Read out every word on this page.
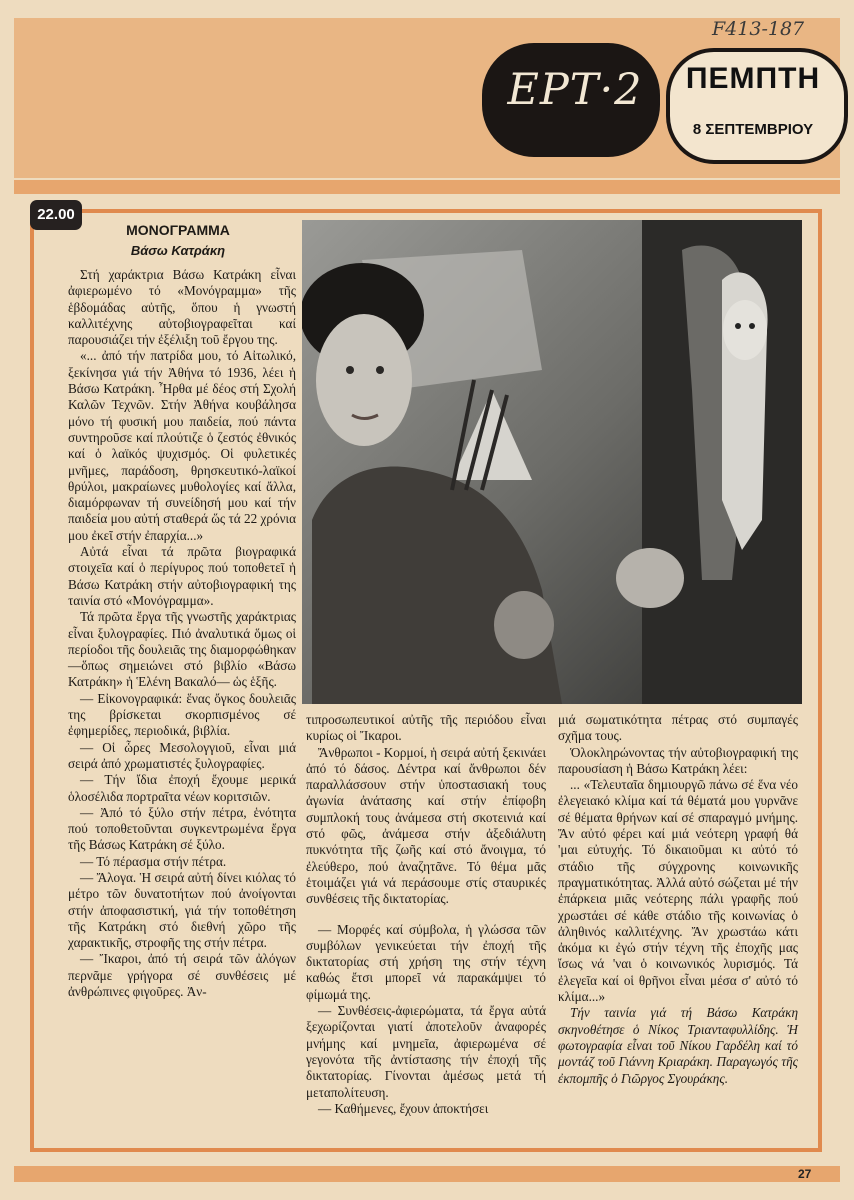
F413-187
ΕΡΤ·2	ΠΕΜΠΤΗ
8 ΣΕΠΤΕΜΒΡΙΟΥ
22.00
ΜΟΝΟΓΡΑΜΜΑ
Βάσω Κατράκη

Στή χαράκτρια Βάσω Κατράκη εἶναι ἀφιερωμένο τό «Μονόγραμμα» τῆς ἑβδομάδας αὐτῆς, ὅπου ἡ γνωστή καλλιτέχνης αὐτοβιογραφεῖται καί παρουσιάζει τήν ἐξέλιξη τοῦ ἔργου της.

«... ἀπό τήν πατρίδα μου, τό Αἰτωλικό, ξεκίνησα γιά τήν Ἀθήνα τό 1936, λέει ἡ Βάσω Κατράκη. Ἦρθα μέ δέος στή Σχολή Καλῶν Τεχνῶν. Στήν Ἀθήνα κουβάλησα μόνο τή φυσική μου παιδεία, πού πάντα συντηροῦσε καί πλούτιζε ὁ ζεστός ἐθνικός καί ὁ λαϊκός ψυχισμός. Οἱ φυλετικές μνῆμες, παράδοση, θρησκευτικό-λαϊκοί θρύλοι, μακραίωνες μυθολογίες καί ἄλλα, διαμόρφωναν τή συνείδησή μου καί τήν παιδεία μου αὐτή σταθερά ὥς τά 22 χρόνια μου ἐκεῖ στήν ἐπαρχία...»

Αὐτά εἶναι τά πρῶτα βιογραφικά στοιχεῖα καί ὁ περίγυρος πού τοποθετεῖ ἡ Βάσω Κατράκη στήν αὐτοβιογραφική της ταινία στό «Μονόγραμμα».

Τά πρῶτα ἔργα τῆς γνωστῆς χαράκτριας εἶναι ξυλογραφίες. Πιό ἀναλυτικά ὅμως οἱ περίοδοι τῆς δουλειᾶς της διαμορφώθηκαν —ὅπως σημειώνει στό βιβλίο «Βάσω Κατράκη» ἡ Ἑλένη Βακαλό— ὡς ἑξῆς.

— Εἰκονογραφικά: ἕνας ὄγκος δουλειᾶς της βρίσκεται σκορπισμένος σέ ἐφημερίδες, περιοδικά, βιβλία.

— Οἱ ὧρες Μεσολογγιοῦ, εἶναι μιά σειρά ἀπό χρωματιστές ξυλογραφίες.

— Τήν ἴδια ἐποχή ἔχουμε μερικά ὁλοσέλιδα πορτραῖτα νέων κοριτσιῶν.

— Ἀπό τό ξύλο στήν πέτρα, ἑνότητα πού τοποθετοῦνται συγκεντρωμένα ἔργα τῆς Βάσως Κατράκη σέ ξύλο.

— Τό πέρασμα στήν πέτρα.

— Ἄλογα. Ἡ σειρά αὐτή δίνει κιόλας τό μέτρο τῶν δυνατοτήτων πού ἀνοίγονται στήν ἀποφασιστική, γιά τήν τοποθέτηση τῆς Κατράκη στό διεθνή χῶρο τῆς χαρακτικῆς, στροφῆς της στήν πέτρα.

— Ἴκαροι, ἀπό τή σειρά τῶν ἀλόγων περνᾶμε γρήγορα σέ συνθέσεις μέ ἀνθρώπινες φιγοῦρες. Ἀν-

τιπροσωπευτικοί αὐτῆς τῆς περιόδου εἶναι κυρίως οἱ Ἴκαροι.

Ἄνθρωποι - Κορμοί, ἡ σειρά αὐτή ξεκινάει ἀπό τό δάσος. Δέντρα καί ἄνθρωποι δέν παραλλάσσουν στήν ὑποστασιακή τους ἀγωνία ἀνάτασης καί στήν ἐπίφοβη συμπλοκή τους ἀνάμεσα στή σκοτεινιά καί στό φῶς, ἀνάμεσα στήν ἀξεδιάλυτη πυκνότητα τῆς ζωῆς καί στό ἄνοιγμα, τό ἐλεύθερο, πού ἀναζητᾶνε. Τό θέμα μᾶς ἑτοιμάζει γιά νά περάσουμε στίς σταυρικές συνθέσεις τῆς δικτατορίας.

— Μορφές καί σύμβολα, ἡ γλώσσα τῶν συμβόλων γενικεύεται τήν ἐποχή τῆς δικτατορίας στή χρήση της στήν τέχνη καθώς ἔτσι μπορεῖ νά παρακάμψει τό φίμωμά της.

— Συνθέσεις-ἀφιερώματα, τά ἔργα αὐτά ξεχωρίζονται γιατί ἀποτελοῦν ἀναφορές μνήμης καί μνημεῖα, ἀφιερωμένα σέ γεγονότα τῆς ἀντίστασης τήν ἐποχή τῆς δικτατορίας. Γίνονται ἀμέσως μετά τή μεταπολίτευση.

— Καθήμενες, ἔχουν ἀποκτήσει

μιά σωματικότητα πέτρας στό συμπαγές σχῆμα τους.

Ὁλοκληρώνοντας τήν αὐτοβιογραφική της παρουσίαση ἡ Βάσω Κατράκη λέει:

... «Τελευταῖα δημιουργῶ πάνω σέ ἕνα νέο ἐλεγειακό κλίμα καί τά θέματά μου γυρνᾶνε σέ θέματα θρήνων καί σέ σπαραγμό μνήμης. Ἄν αὐτό φέρει καί μιά νεότερη γραφή θά 'μαι εὐτυχής. Τό δικαιοῦμαι κι αὐτό τό στάδιο τῆς σύγχρονης κοινωνικῆς πραγματικότητας. Ἀλλά αὐτό σώζεται μέ τήν ἐπάρκεια μιᾶς νεότερης πάλι γραφῆς πού χρωστάει σέ κάθε στάδιο τῆς κοινωνίας ὁ ἀληθινός καλλιτέχνης. Ἄν χρωστάω κάτι ἀκόμα κι ἐγώ στήν τέχνη τῆς ἐποχῆς μας ἴσως νά 'ναι ὁ κοινωνικός λυρισμός. Τά ἐλεγεῖα καί οἱ θρῆνοι εἶναι μέσα σ' αὐτό τό κλίμα...»

Τήν ταινία γιά τή Βάσω Κατράκη σκηνοθέτησε ὁ Νίκος Τριανταφυλλίδης. Ἡ φωτογραφία εἶναι τοῦ Νίκου Γαρδέλη καί τό μοντάζ τοῦ Γιάννη Κριαράκη. Παραγωγός τῆς ἐκπομπῆς ὁ Γιῶργος Σγουράκης.

27
